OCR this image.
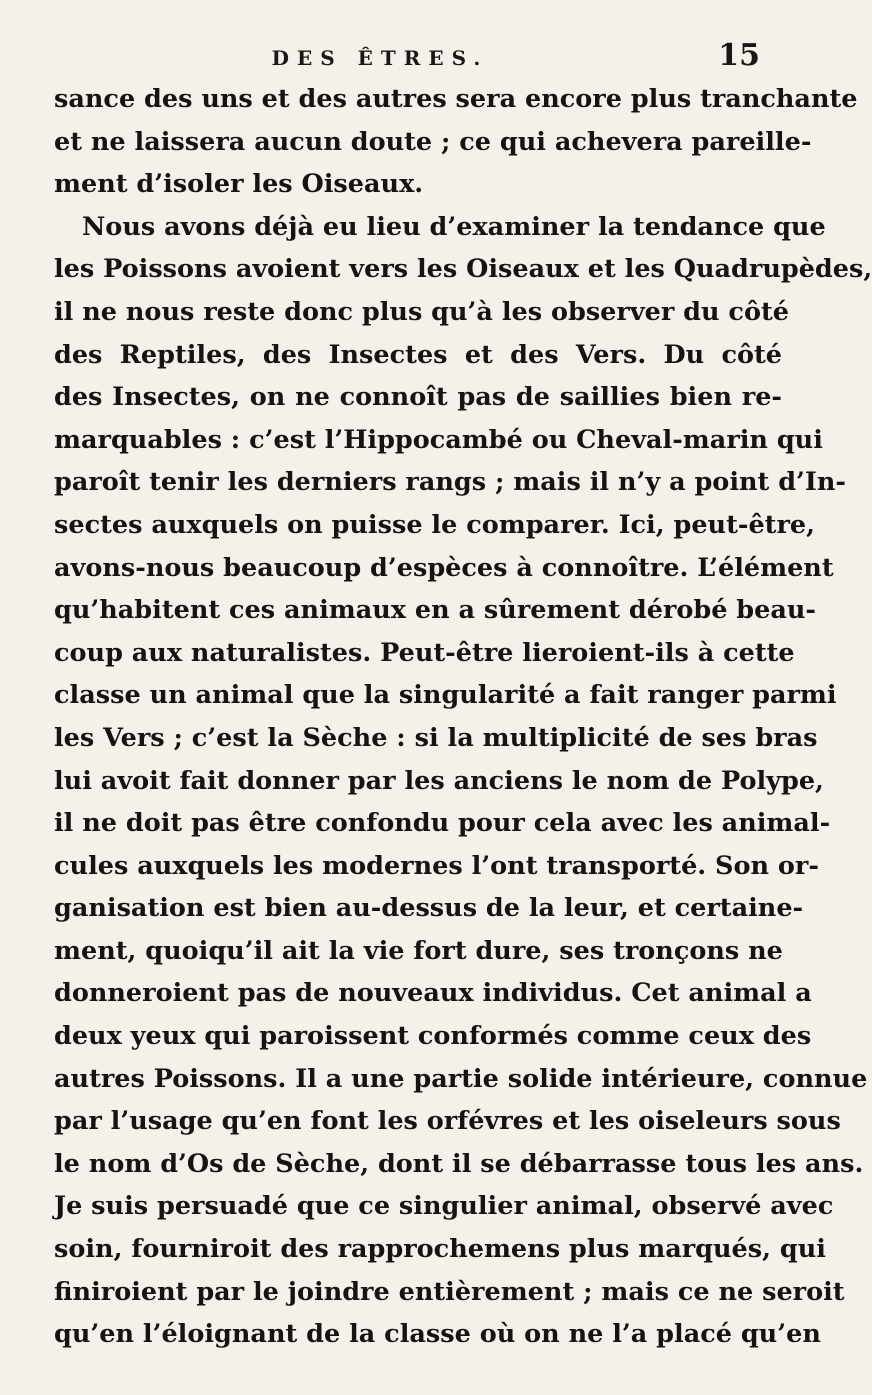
DES ÊTRES.	15
sance des uns et des autres sera encore plus tranchante
et ne laissera aucun doute ; ce qui achevera pareille-
ment d’isoler les Oiseaux.
Nous avons déjà eu lieu d’examiner la tendance que
les Poissons avoient vers les Oiseaux et les Quadrupèdes,
il ne nous reste donc plus qu’à les observer du côté
des Reptiles, des Insectes et des Vers. Du côté
des Insectes, on ne connoît pas de saillies bien re-
marquables : c’est l’Hippocambé ou Cheval-marin qui
paroît tenir les derniers rangs ; mais il n’y a point d’In-
sectes auxquels on puisse le comparer. Ici, peut-être,
avons-nous beaucoup d’espèces à connoître. L’élément
qu’habitent ces animaux en a sûrement dérobé beau-
coup aux naturalistes. Peut-être lieroient-ils à cette
classe un animal que la singularité a fait ranger parmi
les Vers ; c’est la Sèche : si la multiplicité de ses bras
lui avoit fait donner par les anciens le nom de Polype,
il ne doit pas être confondu pour cela avec les animal-
cules auxquels les modernes l’ont transporté. Son or-
ganisation est bien au-dessus de la leur, et certaine-
ment, quoiqu’il ait la vie fort dure, ses tronçons ne
donneroient pas de nouveaux individus. Cet animal a
deux yeux qui paroissent conformés comme ceux des
autres Poissons. Il a une partie solide intérieure, connue
par l’usage qu’en font les orfévres et les oiseleurs sous
le nom d’Os de Sèche, dont il se débarrasse tous les ans.
Je suis persuadé que ce singulier animal, observé avec
soin, fourniroit des rapprochemens plus marqués, qui
finiroient par le joindre entièrement ; mais ce ne seroit
qu’en l’éloignant de la classe où on ne l’a placé qu’en
